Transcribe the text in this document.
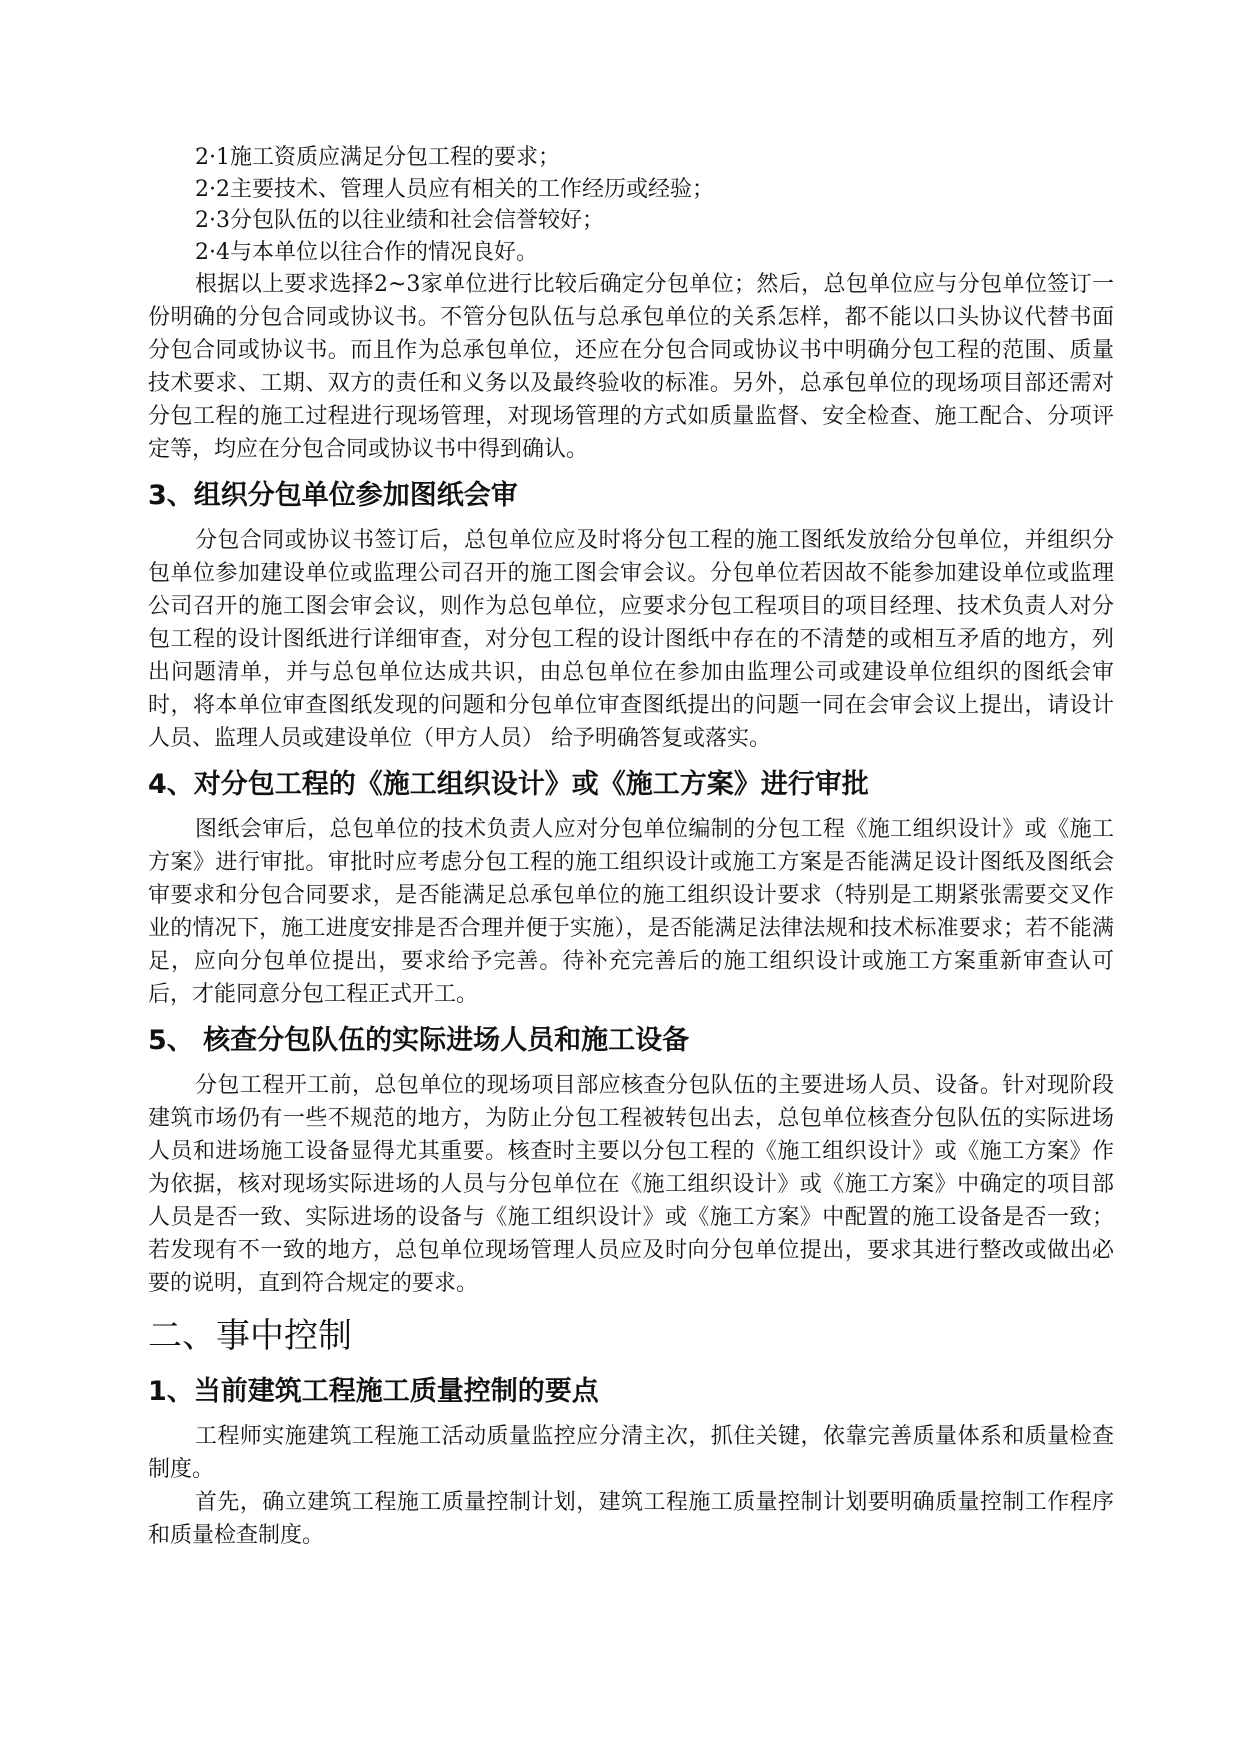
2·1施工资质应满足分包工程的要求；

2·2主要技术、管理人员应有相关的工作经历或经验；

2·3分包队伍的以往业绩和社会信誉较好；

2·4与本单位以往合作的情况良好。

根据以上要求选择2~3家单位进行比较后确定分包单位；然后，总包单位应与分包单位签订一份明确的分包合同或协议书。不管分包队伍与总承包单位的关系怎样，都不能以口头协议代替书面分包合同或协议书。而且作为总承包单位，还应在分包合同或协议书中明确分包工程的范围、质量技术要求、工期、双方的责任和义务以及最终验收的标准。另外，总承包单位的现场项目部还需对分包工程的施工过程进行现场管理，对现场管理的方式如质量监督、安全检查、施工配合、分项评定等，均应在分包合同或协议书中得到确认。

3、组织分包单位参加图纸会审

分包合同或协议书签订后，总包单位应及时将分包工程的施工图纸发放给分包单位，并组织分包单位参加建设单位或监理公司召开的施工图会审会议。分包单位若因故不能参加建设单位或监理公司召开的施工图会审会议，则作为总包单位，应要求分包工程项目的项目经理、技术负责人对分包工程的设计图纸进行详细审查，对分包工程的设计图纸中存在的不清楚的或相互矛盾的地方，列出问题清单，并与总包单位达成共识，由总包单位在参加由监理公司或建设单位组织的图纸会审时，将本单位审查图纸发现的问题和分包单位审查图纸提出的问题一同在会审会议上提出，请设计人员、监理人员或建设单位（甲方人员） 给予明确答复或落实。

4、对分包工程的《施工组织设计》或《施工方案》进行审批

图纸会审后，总包单位的技术负责人应对分包单位编制的分包工程《施工组织设计》或《施工方案》进行审批。审批时应考虑分包工程的施工组织设计或施工方案是否能满足设计图纸及图纸会审要求和分包合同要求，是否能满足总承包单位的施工组织设计要求（特别是工期紧张需要交叉作业的情况下，施工进度安排是否合理并便于实施），是否能满足法律法规和技术标准要求；若不能满足，应向分包单位提出，要求给予完善。待补充完善后的施工组织设计或施工方案重新审查认可后，才能同意分包工程正式开工。

5、 核查分包队伍的实际进场人员和施工设备

分包工程开工前，总包单位的现场项目部应核查分包队伍的主要进场人员、设备。针对现阶段建筑市场仍有一些不规范的地方，为防止分包工程被转包出去，总包单位核查分包队伍的实际进场人员和进场施工设备显得尤其重要。核查时主要以分包工程的《施工组织设计》或《施工方案》作为依据，核对现场实际进场的人员与分包单位在《施工组织设计》或《施工方案》中确定的项目部人员是否一致、实际进场的设备与《施工组织设计》或《施工方案》中配置的施工设备是否一致；若发现有不一致的地方，总包单位现场管理人员应及时向分包单位提出，要求其进行整改或做出必要的说明，直到符合规定的要求。

二、事中控制
1、当前建筑工程施工质量控制的要点

工程师实施建筑工程施工活动质量监控应分清主次，抓住关键，依靠完善质量体系和质量检查制度。

首先，确立建筑工程施工质量控制计划，建筑工程施工质量控制计划要明确质量控制工作程序和质量检查制度。
